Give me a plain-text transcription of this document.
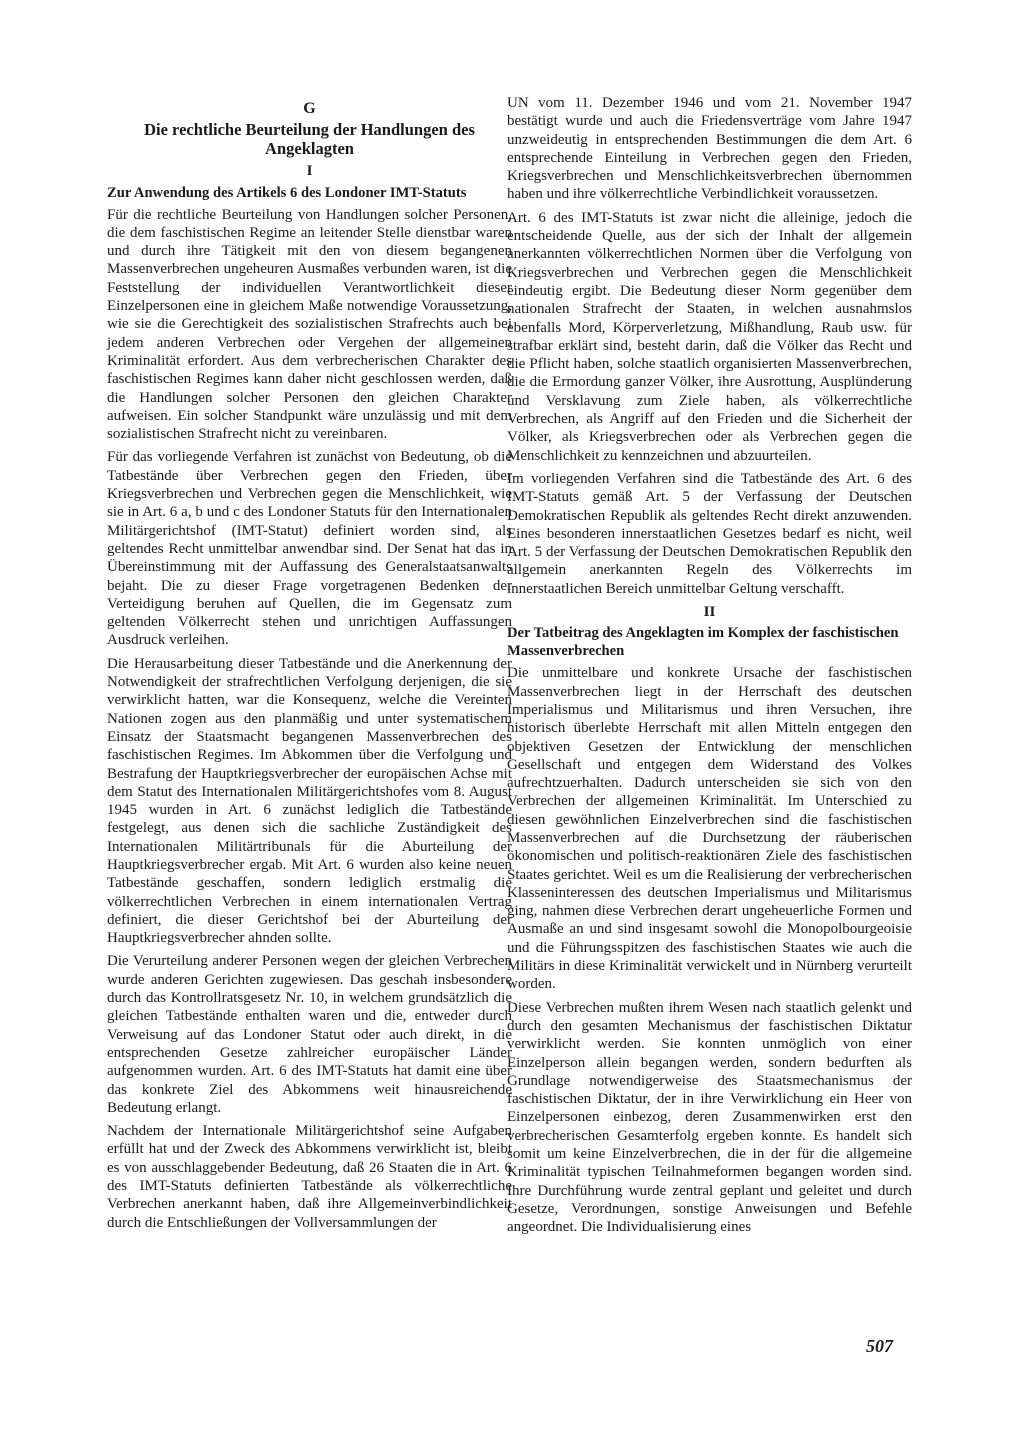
G
Die rechtliche Beurteilung der Handlungen des Angeklagten
I
Zur Anwendung des Artikels 6 des Londoner IMT-Statuts

Für die rechtliche Beurteilung von Handlungen solcher Personen, die dem faschistischen Regime an leitender Stelle dienstbar waren und durch ihre Tätigkeit mit den von diesem begangenen Massenverbrechen ungeheuren Ausmaßes verbunden waren, ist die Feststellung der individuellen Verantwortlichkeit dieser Einzelpersonen eine in gleichem Maße notwendige Voraussetzung, wie sie die Gerechtigkeit des sozialistischen Strafrechts auch bei jedem anderen Verbrechen oder Vergehen der allgemeinen Kriminalität erfordert. Aus dem verbrecherischen Charakter des faschistischen Regimes kann daher nicht geschlossen werden, daß die Handlungen solcher Personen den gleichen Charakter aufweisen. Ein solcher Standpunkt wäre unzulässig und mit dem sozialistischen Strafrecht nicht zu vereinbaren.

Für das vorliegende Verfahren ist zunächst von Bedeutung, ob die Tatbestände über Verbrechen gegen den Frieden, über Kriegsverbrechen und Verbrechen gegen die Menschlichkeit, wie sie in Art. 6 a, b und c des Londoner Statuts für den Internationalen Militärgerichtshof (IMT-Statut) definiert worden sind, als geltendes Recht unmittelbar anwendbar sind. Der Senat hat das in Übereinstimmung mit der Auffassung des Generalstaatsanwalts bejaht. Die zu dieser Frage vorgetragenen Bedenken der Verteidigung beruhen auf Quellen, die im Gegensatz zum geltenden Völkerrecht stehen und unrichtigen Auffassungen Ausdruck verleihen.

Die Herausarbeitung dieser Tatbestände und die Anerkennung der Notwendigkeit der strafrechtlichen Verfolgung derjenigen, die sie verwirklicht hatten, war die Konsequenz, welche die Vereinten Nationen zogen aus den planmäßig und unter systematischem Einsatz der Staatsmacht begangenen Massenverbrechen des faschistischen Regimes. Im Abkommen über die Verfolgung und Bestrafung der Hauptkriegsverbrecher der europäischen Achse mit dem Statut des Internationalen Militärgerichtshofes vom 8. August 1945 wurden in Art. 6 zunächst lediglich die Tatbestände festgelegt, aus denen sich die sachliche Zuständigkeit des Internationalen Militärtribunals für die Aburteilung der Hauptkriegsverbrecher ergab. Mit Art. 6 wurden also keine neuen Tatbestände geschaffen, sondern lediglich erstmalig die völkerrechtlichen Verbrechen in einem internationalen Vertrag definiert, die dieser Gerichtshof bei der Aburteilung der Hauptkriegsverbrecher ahnden sollte.

Die Verurteilung anderer Personen wegen der gleichen Verbrechen wurde anderen Gerichten zugewiesen. Das geschah insbesondere durch das Kontrollratsgesetz Nr. 10, in welchem grundsätzlich die gleichen Tatbestände enthalten waren und die, entweder durch Verweisung auf das Londoner Statut oder auch direkt, in die entsprechenden Gesetze zahlreicher europäischer Länder aufgenommen wurden. Art. 6 des IMT-Statuts hat damit eine über das konkrete Ziel des Abkommens weit hinausreichende Bedeutung erlangt.

Nachdem der Internationale Militärgerichtshof seine Aufgaben erfüllt hat und der Zweck des Abkommens verwirklicht ist, bleibt es von ausschlaggebender Bedeutung, daß 26 Staaten die in Art. 6 des IMT-Statuts definierten Tatbestände als völkerrechtliche Verbrechen anerkannt haben, daß ihre Allgemeinverbindlichkeit durch die Entschließungen der Vollversammlungen der

UN vom 11. Dezember 1946 und vom 21. November 1947 bestätigt wurde und auch die Friedensverträge vom Jahre 1947 unzweideutig in entsprechenden Bestimmungen die dem Art. 6 entsprechende Einteilung in Verbrechen gegen den Frieden, Kriegsverbrechen und Menschlichkeitsverbrechen übernommen haben und ihre völkerrechtliche Verbindlichkeit voraussetzen.

Art. 6 des IMT-Statuts ist zwar nicht die alleinige, jedoch die entscheidende Quelle, aus der sich der Inhalt der allgemein anerkannten völkerrechtlichen Normen über die Verfolgung von Kriegsverbrechen und Verbrechen gegen die Menschlichkeit eindeutig ergibt. Die Bedeutung dieser Norm gegenüber dem nationalen Strafrecht der Staaten, in welchen ausnahmslos ebenfalls Mord, Körperverletzung, Mißhandlung, Raub usw. für strafbar erklärt sind, besteht darin, daß die Völker das Recht und die Pflicht haben, solche staatlich organisierten Massenverbrechen, die die Ermordung ganzer Völker, ihre Ausrottung, Ausplünderung und Versklavung zum Ziele haben, als völkerrechtliche Verbrechen, als Angriff auf den Frieden und die Sicherheit der Völker, als Kriegsverbrechen oder als Verbrechen gegen die Menschlichkeit zu kennzeichnen und abzuurteilen.

Im vorliegenden Verfahren sind die Tatbestände des Art. 6 des IMT-Statuts gemäß Art. 5 der Verfassung der Deutschen Demokratischen Republik als geltendes Recht direkt anzuwenden. Eines besonderen innerstaatlichen Gesetzes bedarf es nicht, weil Art. 5 der Verfassung der Deutschen Demokratischen Republik den allgemein anerkannten Regeln des Völkerrechts im innerstaatlichen Bereich unmittelbar Geltung verschafft.

II
Der Tatbeitrag des Angeklagten im Komplex der faschistischen Massenverbrechen

Die unmittelbare und konkrete Ursache der faschistischen Massenverbrechen liegt in der Herrschaft des deutschen Imperialismus und Militarismus und ihren Versuchen, ihre historisch überlebte Herrschaft mit allen Mitteln entgegen den objektiven Gesetzen der Entwicklung der menschlichen Gesellschaft und entgegen dem Widerstand des Volkes aufrechtzuerhalten. Dadurch unterscheiden sie sich von den Verbrechen der allgemeinen Kriminalität. Im Unterschied zu diesen gewöhnlichen Einzelverbrechen sind die faschistischen Massenverbrechen auf die Durchsetzung der räuberischen ökonomischen und politisch-reaktionären Ziele des faschistischen Staates gerichtet. Weil es um die Realisierung der verbrecherischen Klasseninteressen des deutschen Imperialismus und Militarismus ging, nahmen diese Verbrechen derart ungeheuerliche Formen und Ausmaße an und sind insgesamt sowohl die Monopolbourgeoisie und die Führungsspitzen des faschistischen Staates wie auch die Militärs in diese Kriminalität verwickelt und in Nürnberg verurteilt worden.

Diese Verbrechen mußten ihrem Wesen nach staatlich gelenkt und durch den gesamten Mechanismus der faschistischen Diktatur verwirklicht werden. Sie konnten unmöglich von einer Einzelperson allein begangen werden, sondern bedurften als Grundlage notwendigerweise des Staatsmechanismus der faschistischen Diktatur, der in ihre Verwirklichung ein Heer von Einzelpersonen einbezog, deren Zusammenwirken erst den verbrecherischen Gesamterfolg ergeben konnte. Es handelt sich somit um keine Einzelverbrechen, die in der für die allgemeine Kriminalität typischen Teilnahmeformen begangen worden sind. Ihre Durchführung wurde zentral geplant und geleitet und durch Gesetze, Verordnungen, sonstige Anweisungen und Befehle angeordnet. Die Individualisierung eines

507
